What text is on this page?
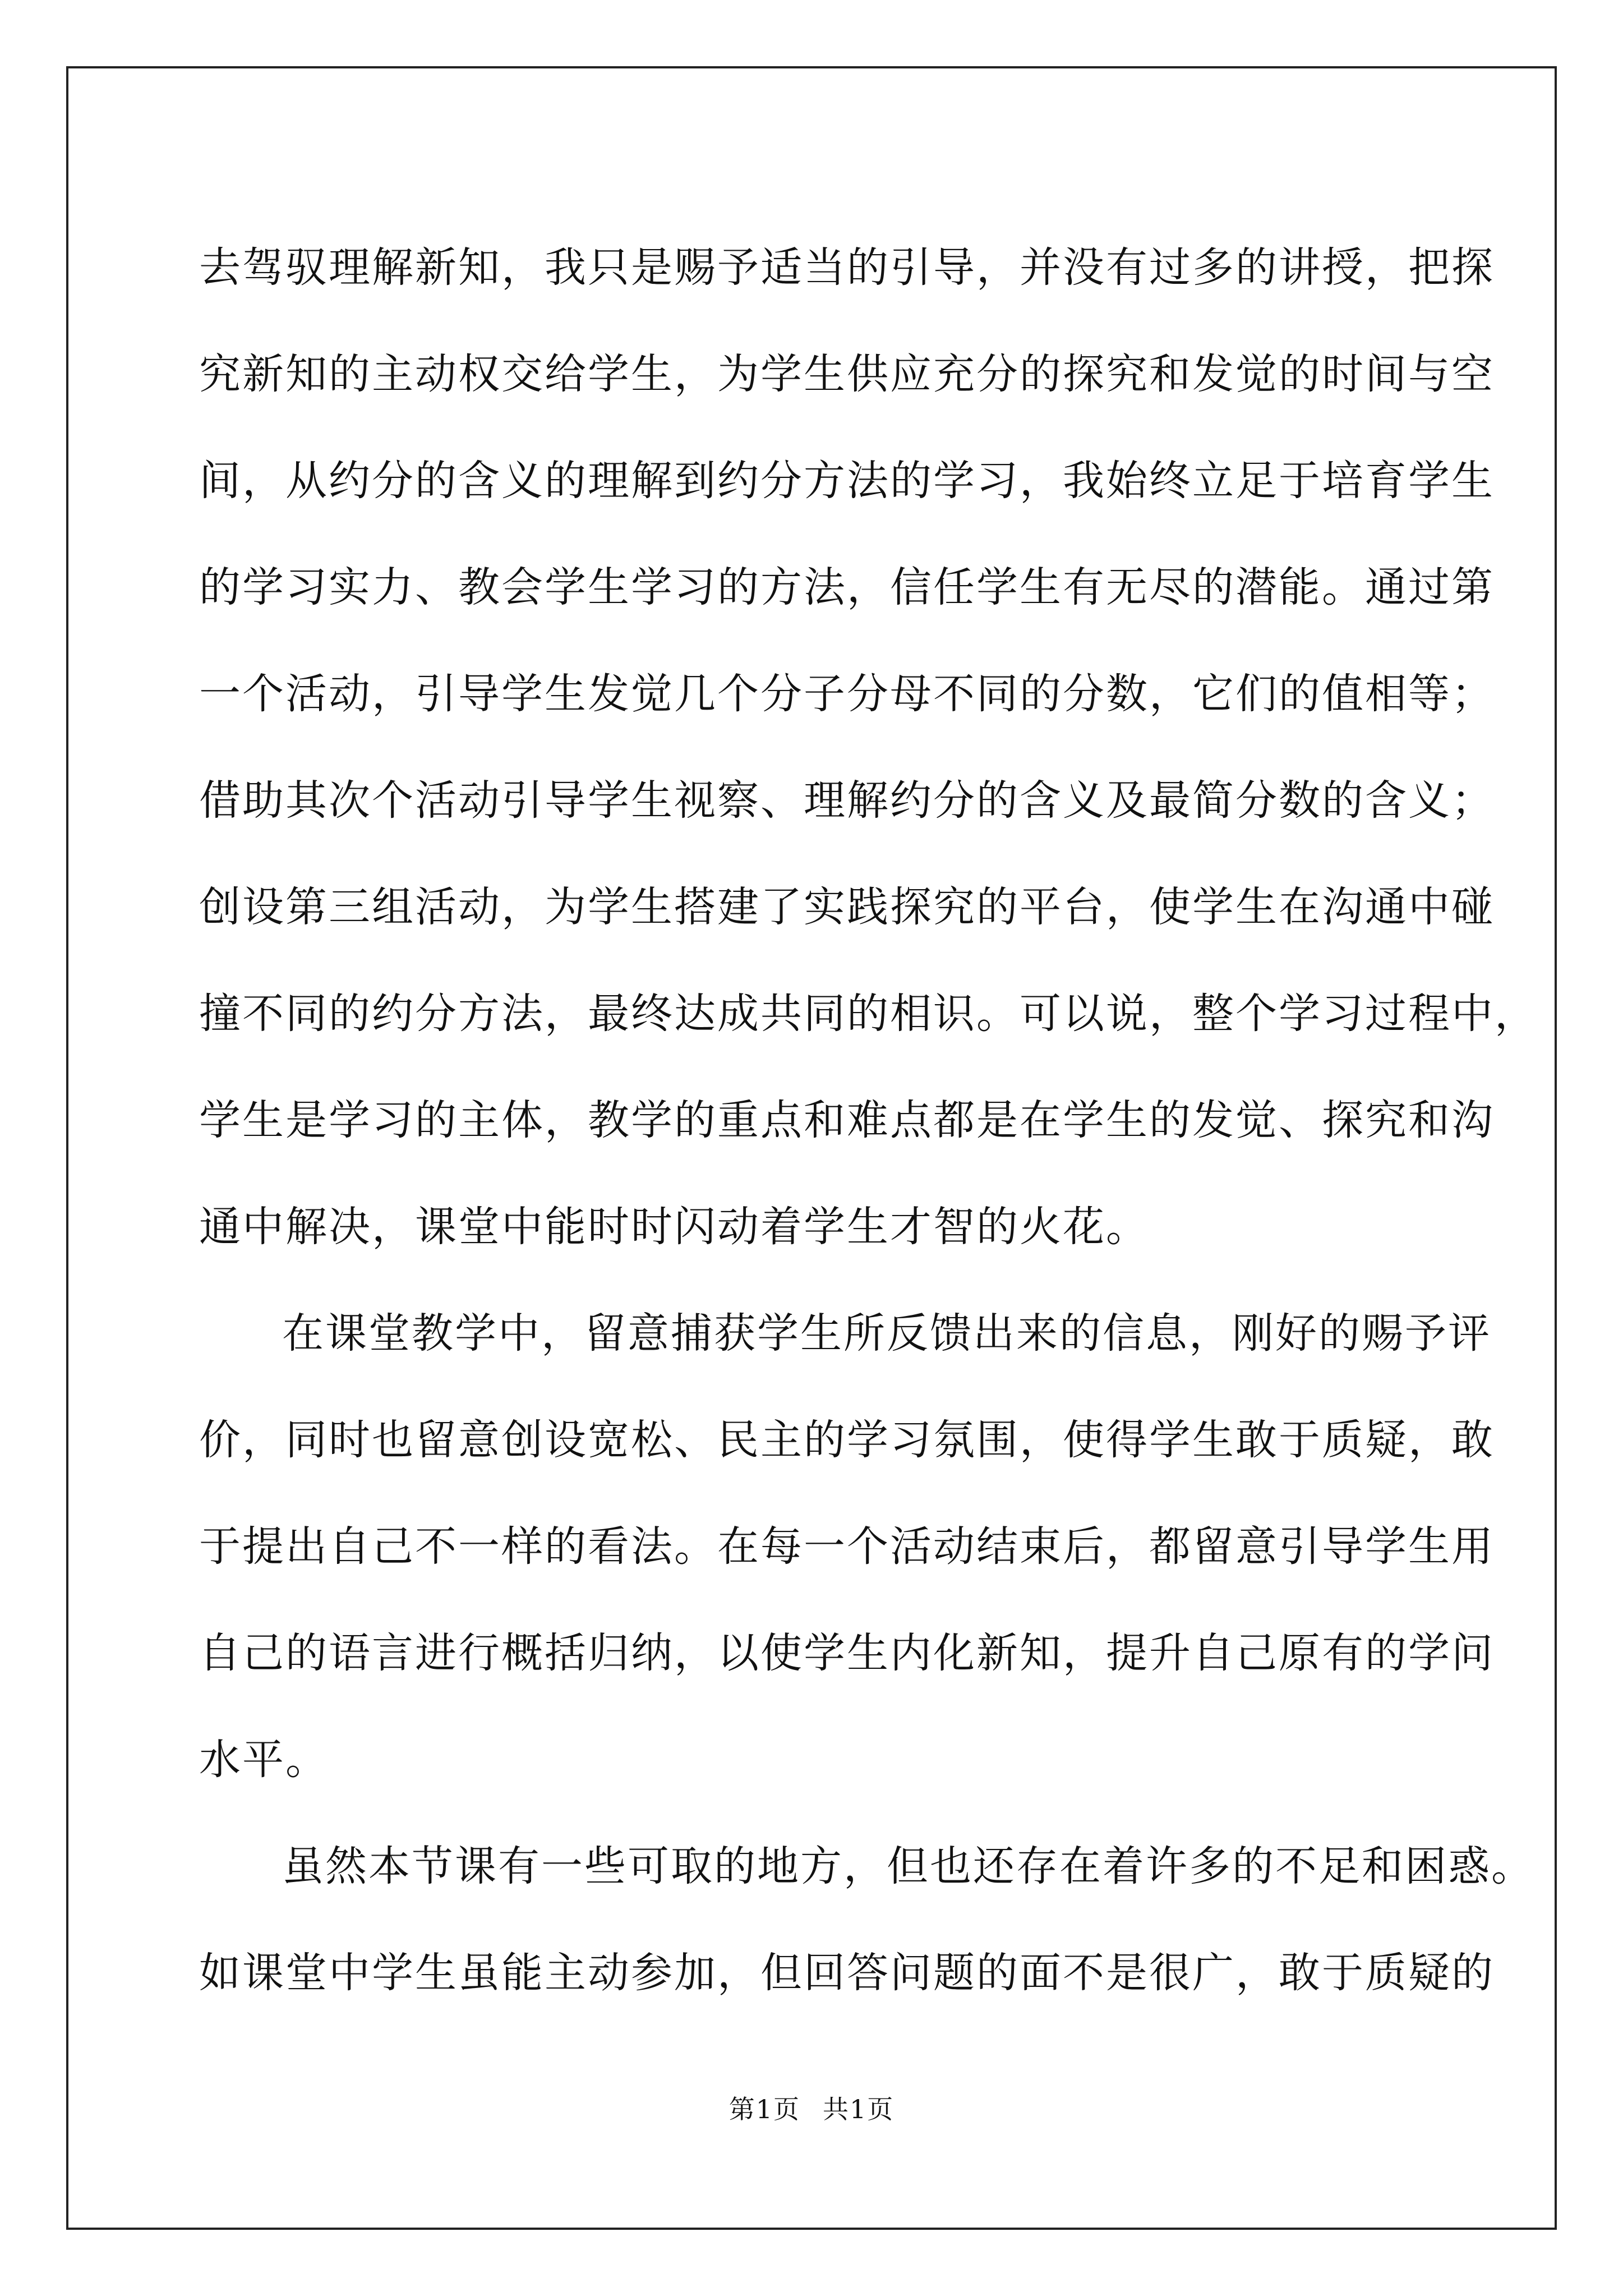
去驾驭理解新知，我只是赐予适当的引导，并没有过多的讲授，把探
究新知的主动权交给学生，为学生供应充分的探究和发觉的时间与空
间，从约分的含义的理解到约分方法的学习，我始终立足于培育学生
的学习实力、教会学生学习的方法，信任学生有无尽的潜能。通过第
一个活动，引导学生发觉几个分子分母不同的分数，它们的值相等；
借助其次个活动引导学生视察、理解约分的含义及最简分数的含义；
创设第三组活动，为学生搭建了实践探究的平台，使学生在沟通中碰
撞不同的约分方法，最终达成共同的相识。可以说，整个学习过程中，
学生是学习的主体，教学的重点和难点都是在学生的发觉、探究和沟
通中解决，课堂中能时时闪动着学生才智的火花。
在课堂教学中，留意捕获学生所反馈出来的信息，刚好的赐予评
价，同时也留意创设宽松、民主的学习氛围，使得学生敢于质疑，敢
于提出自己不一样的看法。在每一个活动结束后，都留意引导学生用
自己的语言进行概括归纳，以使学生内化新知，提升自己原有的学问
水平。
虽然本节课有一些可取的地方，但也还存在着许多的不足和困惑。
如课堂中学生虽能主动参加，但回答问题的面不是很广，敢于质疑的
第1页 共1页
